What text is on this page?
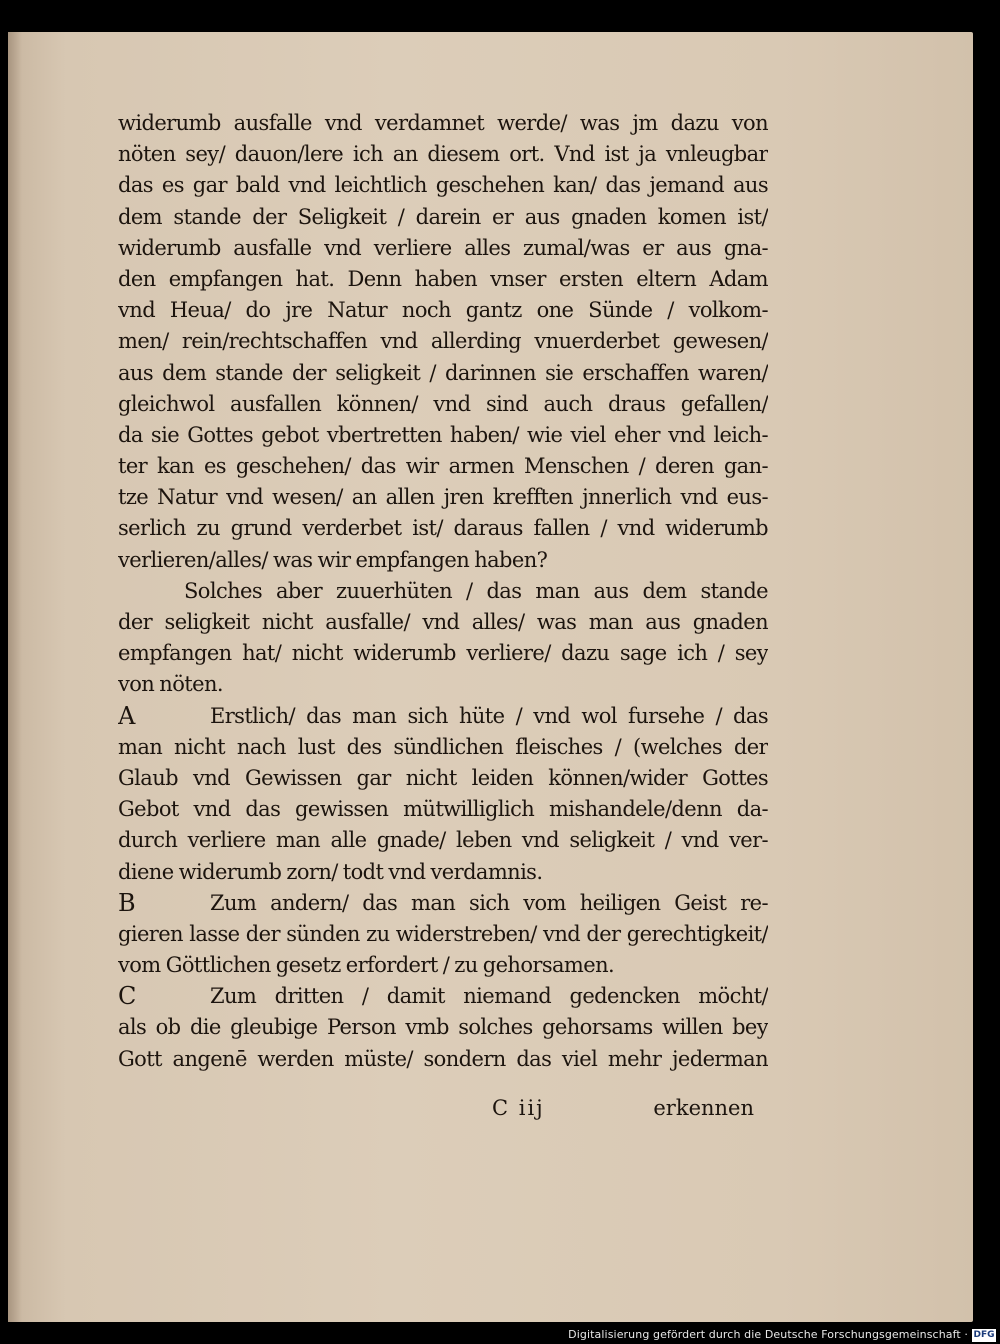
widerumb ausfalle vnd verdamnet werde/ was jm dazu von
nöten sey/ dauon/lere ich an diesem ort. Vnd ist ja vnleugbar
das es gar bald vnd leichtlich geschehen kan/ das jemand aus
dem stande der Seligkeit / darein er aus gnaden komen ist/
widerumb ausfalle vnd verliere alles zumal/was er aus gna-
den empfangen hat. Denn haben vnser ersten eltern Adam
vnd Heua/ do jre Natur noch gantz one Sünde / volkom-
men/ rein/rechtschaffen vnd allerding vnuerderbet gewesen/
aus dem stande der seligkeit / darinnen sie erschaffen waren/
gleichwol ausfallen können/ vnd sind auch draus gefallen/
da sie Gottes gebot vbertretten haben/ wie viel eher vnd leich-
ter kan es geschehen/ das wir armen Menschen / deren gan-
tze Natur vnd wesen/ an allen jren krefften jnnerlich vnd eus-
serlich zu grund verderbet ist/ daraus fallen / vnd widerumb
verlieren/alles/ was wir empfangen haben?
Solches aber zuuerhüten / das man aus dem stande
der seligkeit nicht ausfalle/ vnd alles/ was man aus gnaden
empfangen hat/ nicht widerumb verliere/ dazu sage ich / sey
von nöten.
A	Erstlich/ das man sich hüte / vnd wol fursehe / das
man nicht nach lust des sündlichen fleisches / (welches der
Glaub vnd Gewissen gar nicht leiden können/wider Gottes
Gebot vnd das gewissen mütwilliglich mishandele/denn da-
durch verliere man alle gnade/ leben vnd seligkeit / vnd ver-
diene widerumb zorn/ todt vnd verdamnis.
B	Zum andern/ das man sich vom heiligen Geist re-
gieren lasse der sünden zu widerstreben/ vnd der gerechtigkeit/
vom Göttlichen gesetz erfordert / zu gehorsamen.
C	Zum dritten / damit niemand gedencken möcht/
als ob die gleubige Person vmb solches gehorsams willen bey
Gott angenē werden müste/ sondern das viel mehr jederman
C iij	erkennen
Digitalisierung gefördert durch die Deutsche Forschungsgemeinschaft · DFG
